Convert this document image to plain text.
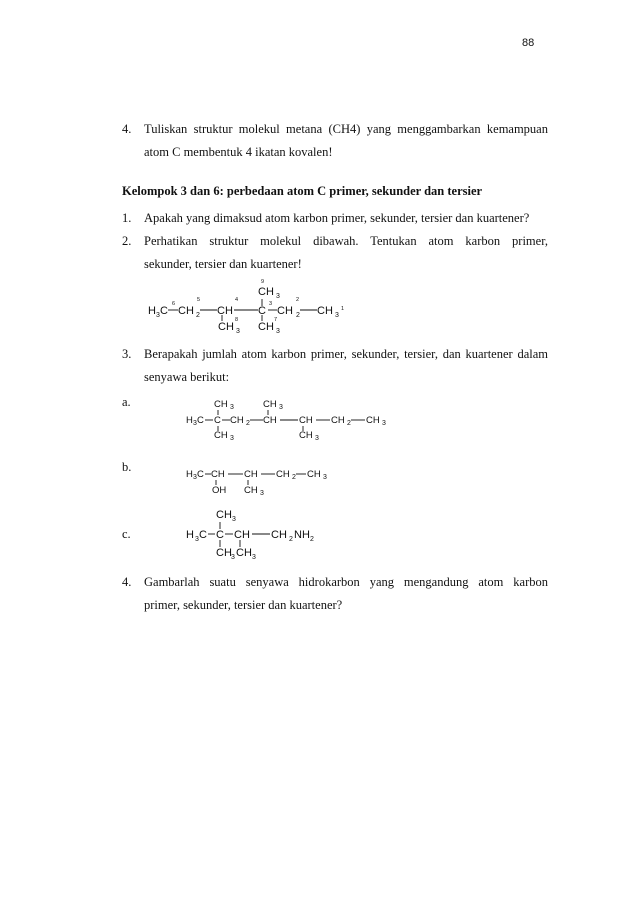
88
4. Tuliskan struktur molekul metana (CH4) yang menggambarkan kemampuan
atom C membentuk 4 ikatan kovalen!
Kelompok 3 dan 6: perbedaan atom C primer, sekunder dan tersier
1. Apakah yang dimaksud atom karbon primer, sekunder, tersier dan kuartener?
2. Perhatikan struktur molekul dibawah. Tentukan atom karbon primer,
sekunder, tersier dan kuartener!
H 3 C CH 2 CH C CH 2 CH 3
CH 3
CH 3 CH 3
6
5	4
3
2
1
9
8	7
3. Berapakah jumlah atom karbon primer, sekunder, tersier, dan kuartener dalam
senyawa berikut:
a.
b.
c.
CH 3	CH 3
H 3 C C CH 2 CH CH CH 2 CH 3
CH 3	CH 3
H 3 C CH CH CH 2 CH 3
OH CH 3
CH 3
H 3 C C CH CH 2 NH 2
CH 3 CH 3
4. Gambarlah suatu senyawa hidrokarbon yang mengandung atom karbon
primer, sekunder, tersier dan kuartener?
